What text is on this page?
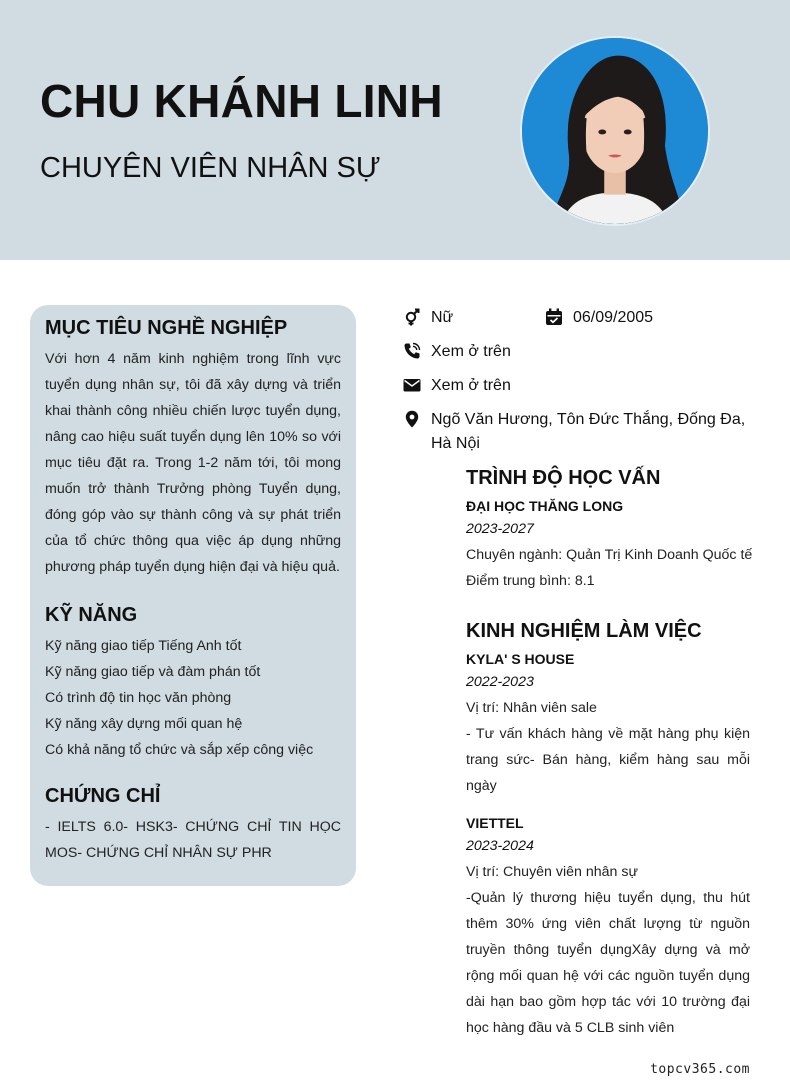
CHU KHÁNH LINH
CHUYÊN VIÊN NHÂN SỰ
MỤC TIÊU NGHỀ NGHIỆP

Với hơn 4 năm kinh nghiệm trong lĩnh vực tuyển dụng nhân sự, tôi đã xây dựng và triển khai thành công nhiều chiến lược tuyển dụng, nâng cao hiệu suất tuyển dụng lên 10% so với mục tiêu đặt ra. Trong 1-2 năm tới, tôi mong muốn trở thành Trưởng phòng Tuyển dụng, đóng góp vào sự thành công và sự phát triển của tổ chức thông qua việc áp dụng những phương pháp tuyển dụng hiện đại và hiệu quả.

KỸ NĂNG
Kỹ năng giao tiếp Tiếng Anh tốt
Kỹ năng giao tiếp và đàm phán tốt
Có trình độ tin học văn phòng
Kỹ năng xây dựng mối quan hệ
Có khả năng tổ chức và sắp xếp công việc
CHỨNG CHỈ

- IELTS 6.0- HSK3- CHỨNG CHỈ TIN HỌC MOS- CHỨNG CHỈ NHÂN SỰ PHR

Nữ	06/09/2005
Xem ở trên
Xem ở trên
Ngõ Văn Hương, Tôn Đức Thắng, Đống Đa, Hà Nội
TRÌNH ĐỘ HỌC VẤN
ĐẠI HỌC THĂNG LONG
2023-2027
Chuyên ngành: Quản Trị Kinh Doanh Quốc tế
Điểm trung bình: 8.1
KINH NGHIỆM LÀM VIỆC
KYLA' S HOUSE
2022-2023
Vị trí: Nhân viên sale
- Tư vấn khách hàng về mặt hàng phụ kiện trang sức- Bán hàng, kiểm hàng sau mỗi ngày
VIETTEL
2023-2024
Vị trí: Chuyên viên nhân sự
-Quản lý thương hiệu tuyển dụng, thu hút thêm 30% ứng viên chất lượng từ nguồn truyền thông tuyển dụngXây dựng và mở rộng mối quan hệ với các nguồn tuyển dụng dài hạn bao gồm hợp tác với 10 trường đại học hàng đầu và 5 CLB sinh viên
topcv365.com
